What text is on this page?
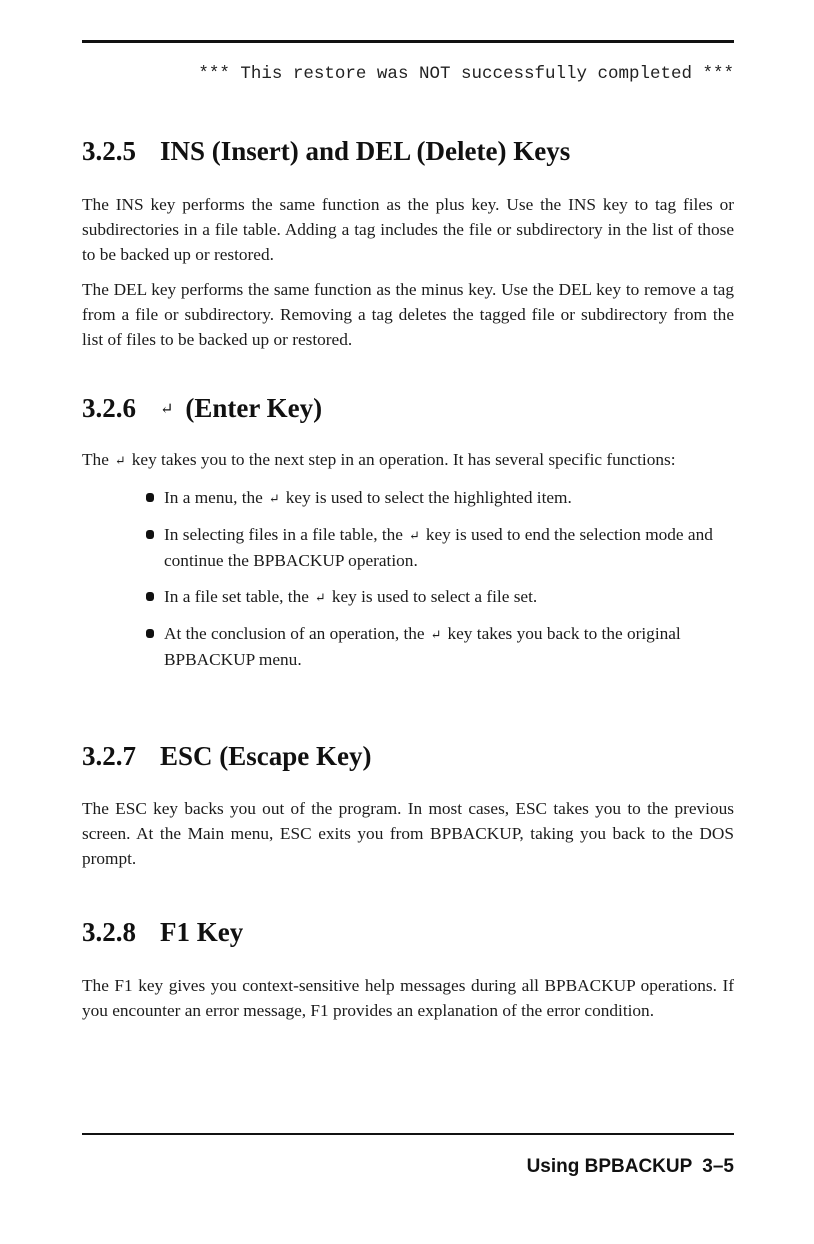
*** This restore was NOT successfully completed ***
3.2.5 INS (Insert) and DEL (Delete) Keys

The INS key performs the same function as the plus key. Use the INS key to tag files or subdirectories in a file table. Adding a tag includes the file or subdirectory in the list of those to be backed up or restored.

The DEL key performs the same function as the minus key. Use the DEL key to remove a tag from a file or subdirectory. Removing a tag deletes the tagged file or subdirectory from the list of files to be backed up or restored.

3.2.6 ↵ (Enter Key)

The ↵ key takes you to the next step in an operation. It has several specific functions:

In a menu, the ↵ key is used to select the highlighted item.
In selecting files in a file table, the ↵ key is used to end the selection mode and continue the BPBACKUP operation.
In a file set table, the ↵ key is used to select a file set.
At the conclusion of an operation, the ↵ key takes you back to the original BPBACKUP menu.
3.2.7 ESC (Escape Key)

The ESC key backs you out of the program. In most cases, ESC takes you to the previous screen. At the Main menu, ESC exits you from BPBACKUP, taking you back to the DOS prompt.

3.2.8 F1 Key

The F1 key gives you context-sensitive help messages during all BPBACKUP operations. If you encounter an error message, F1 provides an explanation of the error condition.

Using BPBACKUP 3–5
